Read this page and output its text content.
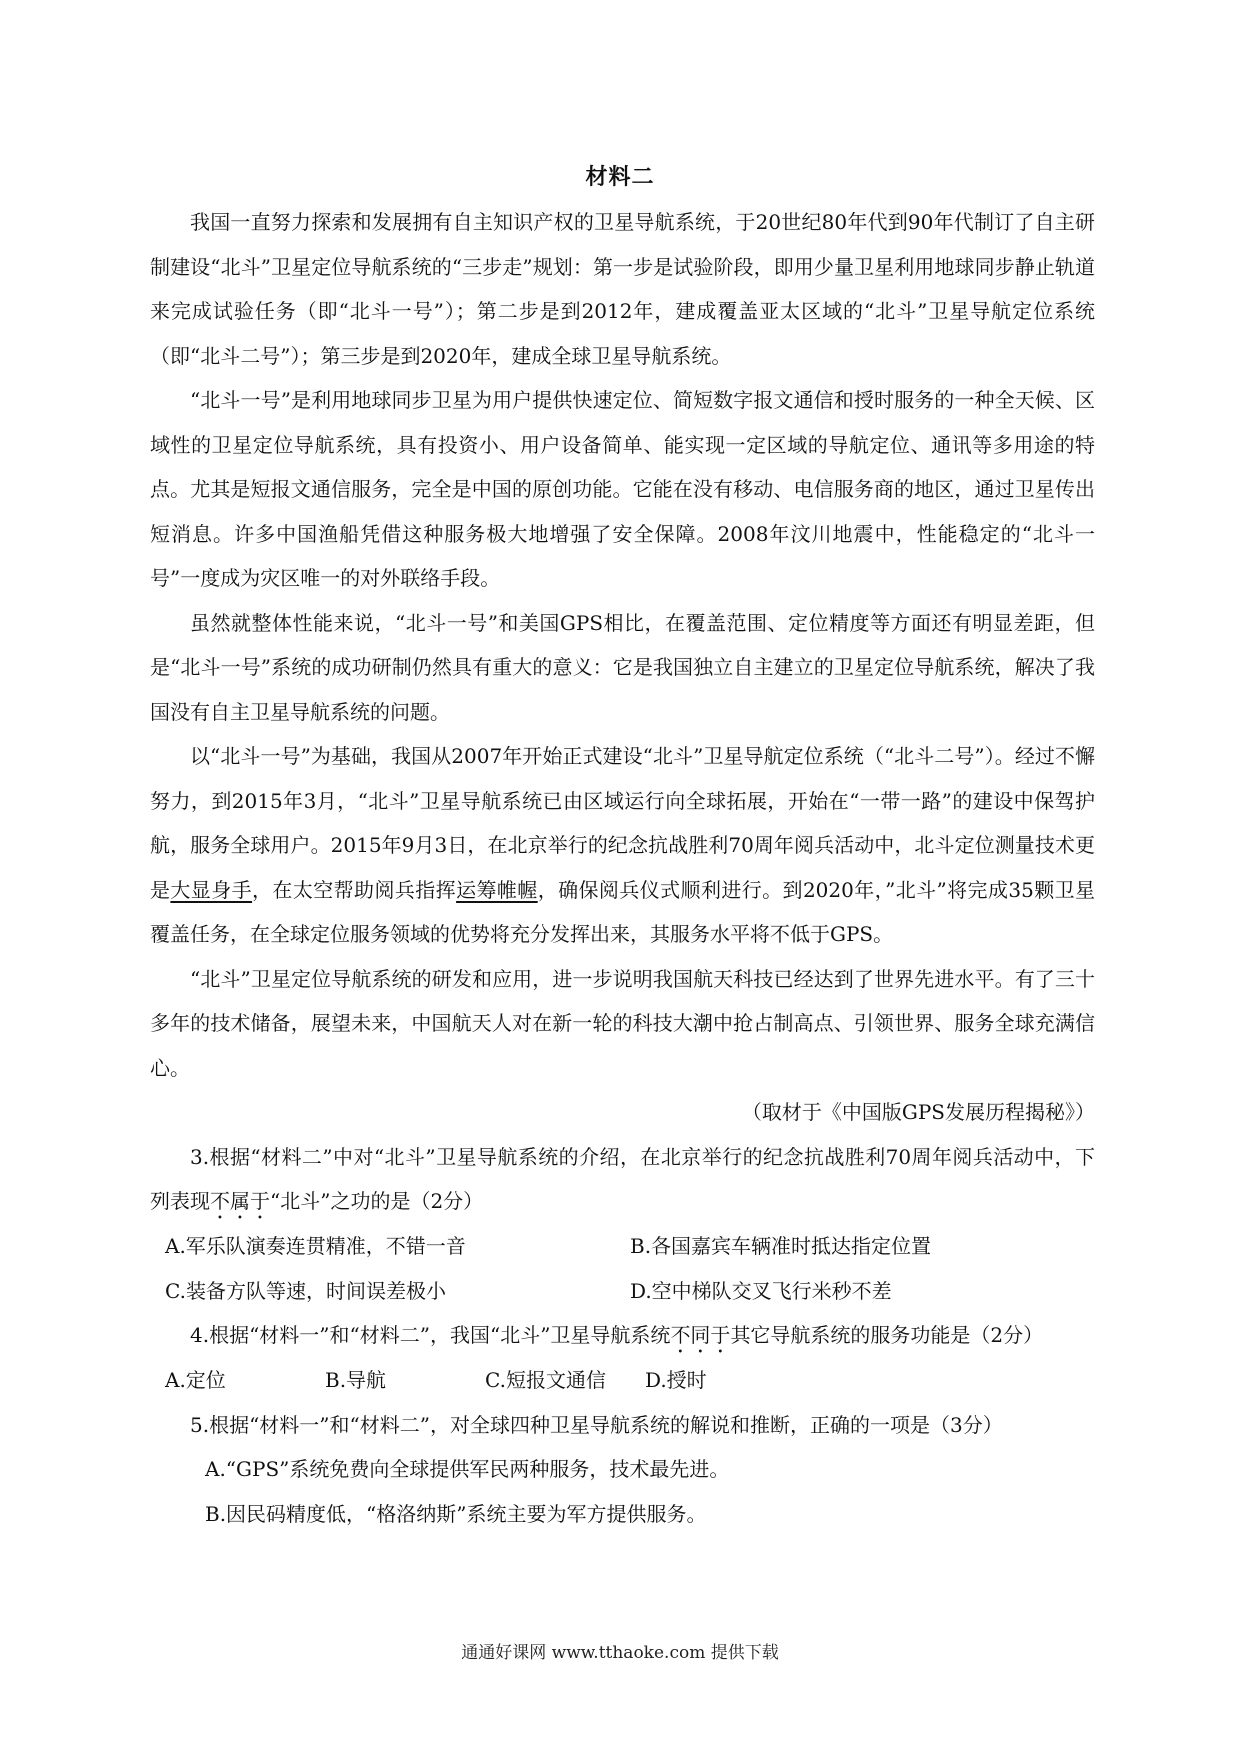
材料二

我国一直努力探索和发展拥有自主知识产权的卫星导航系统，于20世纪80年代到90年代制订了自主研制建设“北斗”卫星定位导航系统的“三步走”规划：第一步是试验阶段，即用少量卫星利用地球同步静止轨道来完成试验任务（即“北斗一号”）；第二步是到2012年，建成覆盖亚太区域的“北斗”卫星导航定位系统（即“北斗二号”）；第三步是到2020年，建成全球卫星导航系统。

“北斗一号”是利用地球同步卫星为用户提供快速定位、简短数字报文通信和授时服务的一种全天候、区域性的卫星定位导航系统，具有投资小、用户设备简单、能实现一定区域的导航定位、通讯等多用途的特点。尤其是短报文通信服务，完全是中国的原创功能。它能在没有移动、电信服务商的地区，通过卫星传出短消息。许多中国渔船凭借这种服务极大地增强了安全保障。2008年汶川地震中，性能稳定的“北斗一号”一度成为灾区唯一的对外联络手段。

虽然就整体性能来说，“北斗一号”和美国GPS相比，在覆盖范围、定位精度等方面还有明显差距，但是“北斗一号”系统的成功研制仍然具有重大的意义：它是我国独立自主建立的卫星定位导航系统，解决了我国没有自主卫星导航系统的问题。

以“北斗一号”为基础，我国从2007年开始正式建设“北斗”卫星导航定位系统（“北斗二号”）。经过不懈努力，到2015年3月，“北斗”卫星导航系统已由区域运行向全球拓展，开始在“一带一路”的建设中保驾护航，服务全球用户。2015年9月3日，在北京举行的纪念抗战胜利70周年阅兵活动中，北斗定位测量技术更是大显身手，在太空帮助阅兵指挥运筹帷幄，确保阅兵仪式顺利进行。到2020年，”北斗”将完成35颗卫星覆盖任务，在全球定位服务领域的优势将充分发挥出来，其服务水平将不低于GPS。

“北斗”卫星定位导航系统的研发和应用，进一步说明我国航天科技已经达到了世界先进水平。有了三十多年的技术储备，展望未来，中国航天人对在新一轮的科技大潮中抢占制高点、引领世界、服务全球充满信心。

（取材于《中国版GPS发展历程揭秘》）

3.根据“材料二”中对“北斗”卫星导航系统的介绍，在北京举行的纪念抗战胜利70周年阅兵活动中，下列表现不属于“北斗”之功的是（2分）

A.军乐队演奏连贯精准，不错一音	B.各国嘉宾车辆准时抵达指定位置
C.装备方队等速，时间误差极小	D.空中梯队交叉飞行米秒不差

4.根据“材料一”和“材料二”，我国“北斗”卫星导航系统不同于其它导航系统的服务功能是（2分）

A.定位	B.导航	C.短报文通信	D.授时

5.根据“材料一”和“材料二”，对全球四种卫星导航系统的解说和推断，正确的一项是（3分）

A.“GPS”系统免费向全球提供军民两种服务，技术最先进。

B.因民码精度低，“格洛纳斯”系统主要为军方提供服务。

通通好课网 www.tthaoke.com 提供下载
